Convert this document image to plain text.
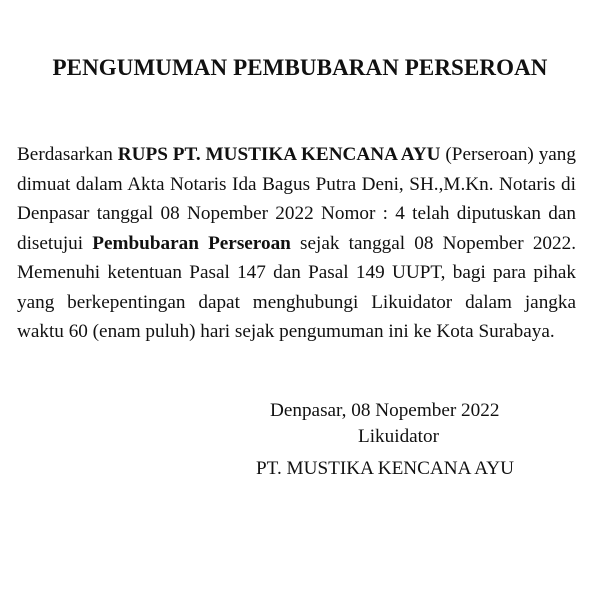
PENGUMUMAN PEMBUBARAN PERSEROAN

Berdasarkan RUPS PT. MUSTIKA KENCANA AYU (Perseroan) yang dimuat dalam Akta Notaris Ida Bagus Putra Deni, SH.,M.Kn. Notaris di Denpasar tanggal 08 Nopember 2022 Nomor : 4 telah diputuskan dan disetujui Pembubaran Perseroan sejak tanggal 08 Nopember 2022. Memenuhi ketentuan Pasal 147 dan Pasal 149 UUPT, bagi para pihak yang berkepentingan dapat menghubungi Likuidator dalam jangka waktu 60 (enam puluh) hari sejak pengumuman ini ke Kota Surabaya.

Denpasar, 08 Nopember 2022

Likuidator

PT. MUSTIKA KENCANA AYU
